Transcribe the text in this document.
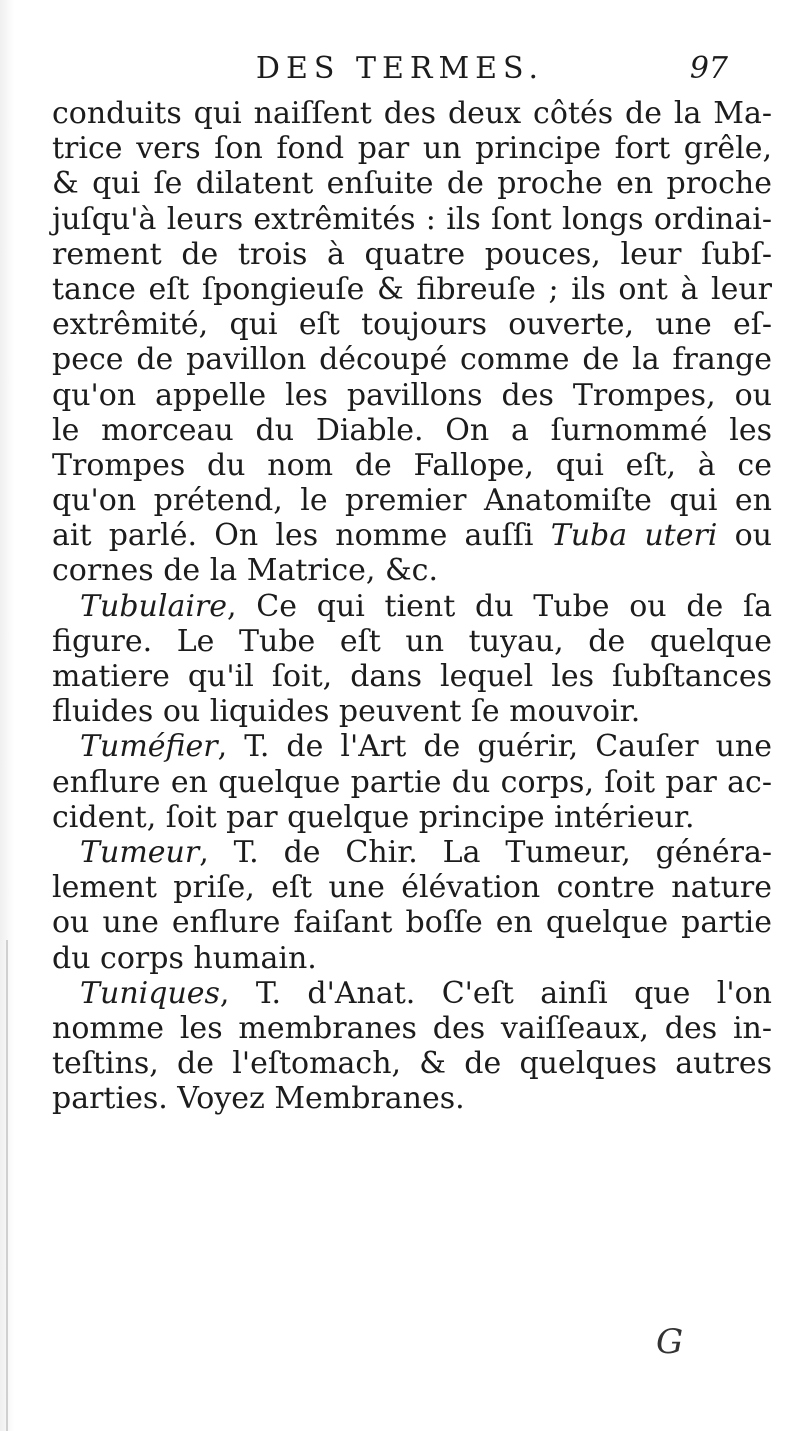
DES TERMES.	97
conduits qui naiſſent des deux côtés de la Ma-
trice vers ſon fond par un principe fort grêle,
& qui ſe dilatent enſuite de proche en proche
juſqu'à leurs extrêmités : ils ſont longs ordinai-
rement de trois à quatre pouces, leur ſubſ-
tance eſt ſpongieuſe & fibreuſe ; ils ont à leur
extrêmité, qui eſt toujours ouverte, une eſ-
pece de pavillon découpé comme de la frange
qu'on appelle les pavillons des Trompes, ou
le morceau du Diable. On a ſurnommé les
Trompes du nom de Fallope, qui eſt, à ce
qu'on prétend, le premier Anatomiſte qui en
ait parlé. On les nomme auſſi Tuba uteri ou
cornes de la Matrice, &c.
Tubulaire, Ce qui tient du Tube ou de ſa
figure. Le Tube eſt un tuyau, de quelque
matiere qu'il ſoit, dans lequel les ſubſtances
fluides ou liquides peuvent ſe mouvoir.
Tuméfier, T. de l'Art de guérir, Cauſer une
enflure en quelque partie du corps, ſoit par ac-
cident, ſoit par quelque principe intérieur.
Tumeur, T. de Chir. La Tumeur, généra-
lement priſe, eſt une élévation contre nature
ou une enflure faiſant boſſe en quelque partie
du corps humain.
Tuniques, T. d'Anat. C'eſt ainſi que l'on
nomme les membranes des vaiſſeaux, des in-
teſtins, de l'eſtomach, & de quelques autres
parties. Voyez Membranes.
G
